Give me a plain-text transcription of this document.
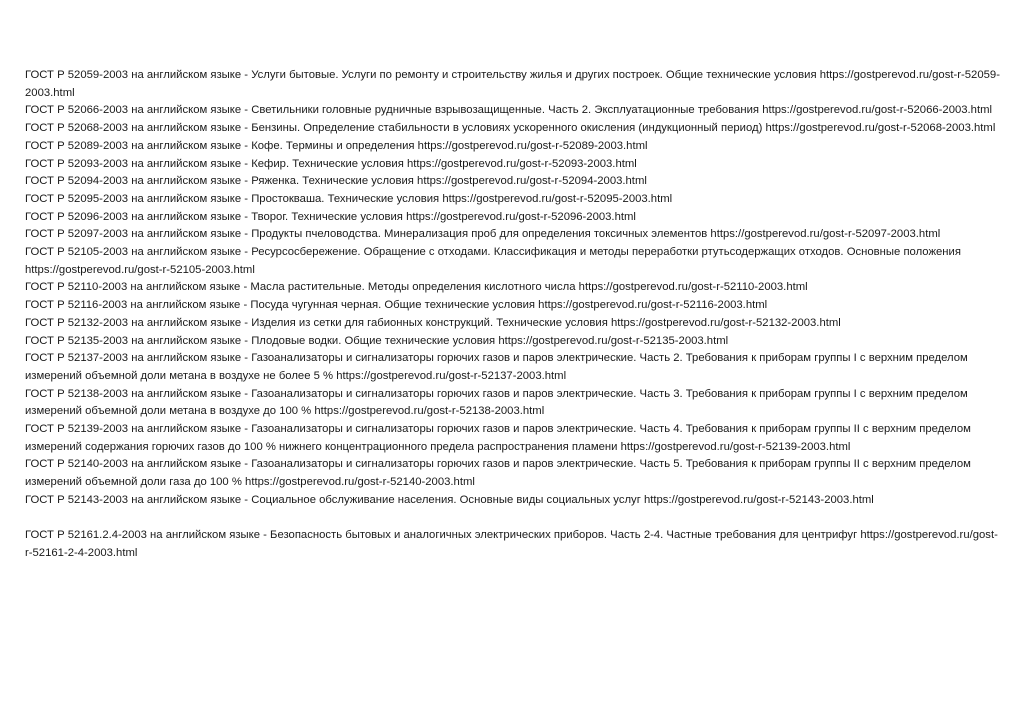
ГОСТ Р 52059-2003 на английском языке - Услуги бытовые. Услуги по ремонту и строительству жилья и других построек. Общие технические условия https://gostperevod.ru/gost-r-52059-2003.html

ГОСТ Р 52066-2003 на английском языке - Светильники головные рудничные взрывозащищенные. Часть 2. Эксплуатационные требования https://gostperevod.ru/gost-r-52066-2003.html

ГОСТ Р 52068-2003 на английском языке - Бензины. Определение стабильности в условиях ускоренного окисления (индукционный период) https://gostperevod.ru/gost-r-52068-2003.html

ГОСТ Р 52089-2003 на английском языке - Кофе. Термины и определения https://gostperevod.ru/gost-r-52089-2003.html

ГОСТ Р 52093-2003 на английском языке - Кефир. Технические условия https://gostperevod.ru/gost-r-52093-2003.html

ГОСТ Р 52094-2003 на английском языке - Ряженка. Технические условия https://gostperevod.ru/gost-r-52094-2003.html

ГОСТ Р 52095-2003 на английском языке - Простокваша. Технические условия https://gostperevod.ru/gost-r-52095-2003.html

ГОСТ Р 52096-2003 на английском языке - Творог. Технические условия https://gostperevod.ru/gost-r-52096-2003.html

ГОСТ Р 52097-2003 на английском языке - Продукты пчеловодства. Минерализация проб для определения токсичных элементов https://gostperevod.ru/gost-r-52097-2003.html

ГОСТ Р 52105-2003 на английском языке - Ресурсосбережение. Обращение с отходами. Классификация и методы переработки ртутьсодержащих отходов. Основные положения https://gostperevod.ru/gost-r-52105-2003.html

ГОСТ Р 52110-2003 на английском языке - Масла растительные. Методы определения кислотного числа https://gostperevod.ru/gost-r-52110-2003.html

ГОСТ Р 52116-2003 на английском языке - Посуда чугунная черная. Общие технические условия https://gostperevod.ru/gost-r-52116-2003.html

ГОСТ Р 52132-2003 на английском языке - Изделия из сетки для габионных конструкций. Технические условия https://gostperevod.ru/gost-r-52132-2003.html

ГОСТ Р 52135-2003 на английском языке - Плодовые водки. Общие технические условия https://gostperevod.ru/gost-r-52135-2003.html

ГОСТ Р 52137-2003 на английском языке - Газоанализаторы и сигнализаторы горючих газов и паров электрические. Часть 2. Требования к приборам группы I с верхним пределом измерений объемной доли метана в воздухе не более 5 % https://gostperevod.ru/gost-r-52137-2003.html

ГОСТ Р 52138-2003 на английском языке - Газоанализаторы и сигнализаторы горючих газов и паров электрические. Часть 3. Требования к приборам группы I с верхним пределом измерений объемной доли метана в воздухе до 100 % https://gostperevod.ru/gost-r-52138-2003.html

ГОСТ Р 52139-2003 на английском языке - Газоанализаторы и сигнализаторы горючих газов и паров электрические. Часть 4. Требования к приборам группы II с верхним пределом измерений содержания горючих газов до 100 % нижнего концентрационного предела распространения пламени https://gostperevod.ru/gost-r-52139-2003.html

ГОСТ Р 52140-2003 на английском языке - Газоанализаторы и сигнализаторы горючих газов и паров электрические. Часть 5. Требования к приборам группы II с верхним пределом измерений объемной доли газа до 100 % https://gostperevod.ru/gost-r-52140-2003.html

ГОСТ Р 52143-2003 на английском языке - Социальное обслуживание населения. Основные виды социальных услуг https://gostperevod.ru/gost-r-52143-2003.html

ГОСТ Р 52161.2.4-2003 на английском языке - Безопасность бытовых и аналогичных электрических приборов. Часть 2-4. Частные требования для центрифуг https://gostperevod.ru/gost-r-52161-2-4-2003.html
